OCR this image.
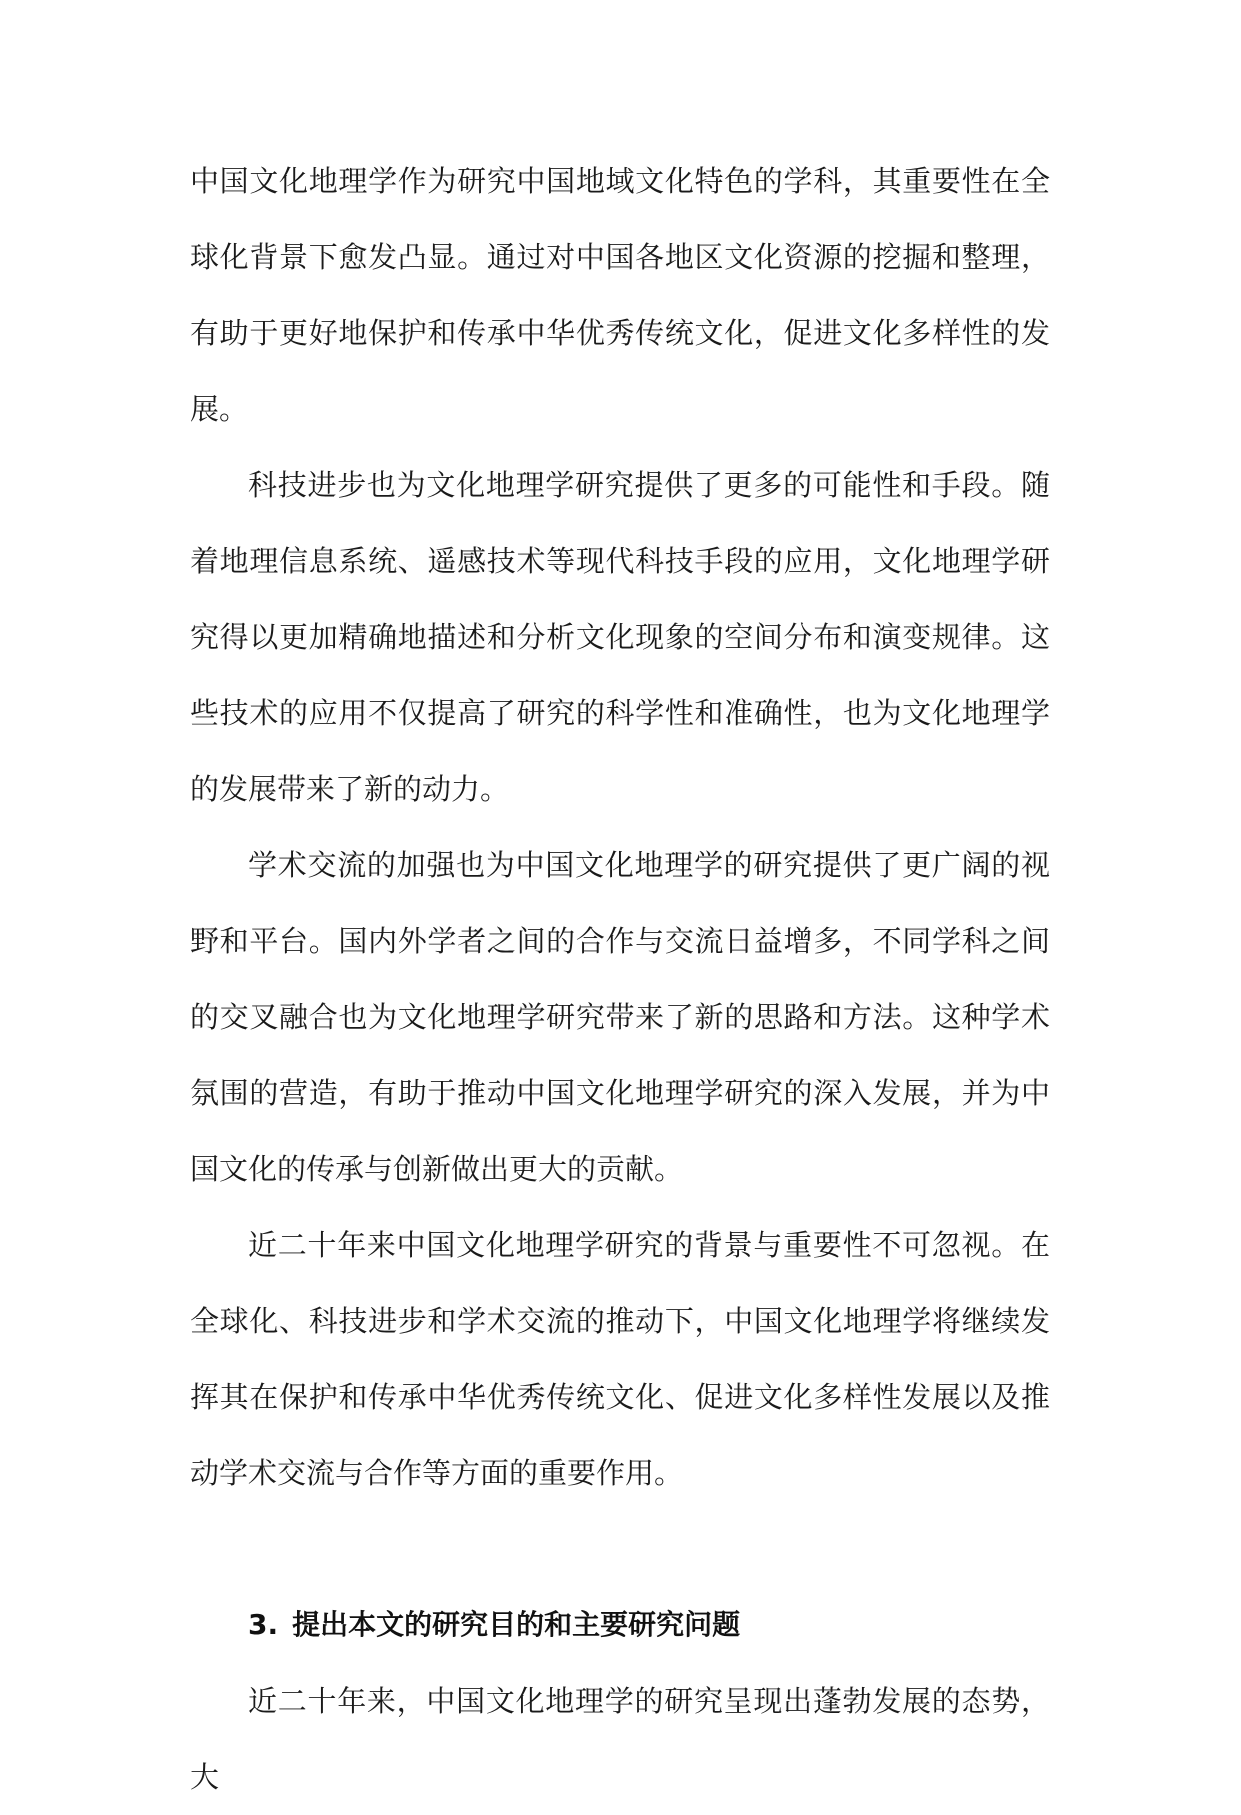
中国文化地理学作为研究中国地域文化特色的学科，其重要性在全球化背景下愈发凸显。通过对中国各地区文化资源的挖掘和整理，有助于更好地保护和传承中华优秀传统文化，促进文化多样性的发展。

科技进步也为文化地理学研究提供了更多的可能性和手段。随着地理信息系统、遥感技术等现代科技手段的应用，文化地理学研究得以更加精确地描述和分析文化现象的空间分布和演变规律。这些技术的应用不仅提高了研究的科学性和准确性，也为文化地理学的发展带来了新的动力。

学术交流的加强也为中国文化地理学的研究提供了更广阔的视野和平台。国内外学者之间的合作与交流日益增多，不同学科之间的交叉融合也为文化地理学研究带来了新的思路和方法。这种学术氛围的营造，有助于推动中国文化地理学研究的深入发展，并为中国文化的传承与创新做出更大的贡献。

近二十年来中国文化地理学研究的背景与重要性不可忽视。在全球化、科技进步和学术交流的推动下，中国文化地理学将继续发挥其在保护和传承中华优秀传统文化、促进文化多样性发展以及推动学术交流与合作等方面的重要作用。

3. 提出本文的研究目的和主要研究问题

近二十年来，中国文化地理学的研究呈现出蓬勃发展的态势，大
